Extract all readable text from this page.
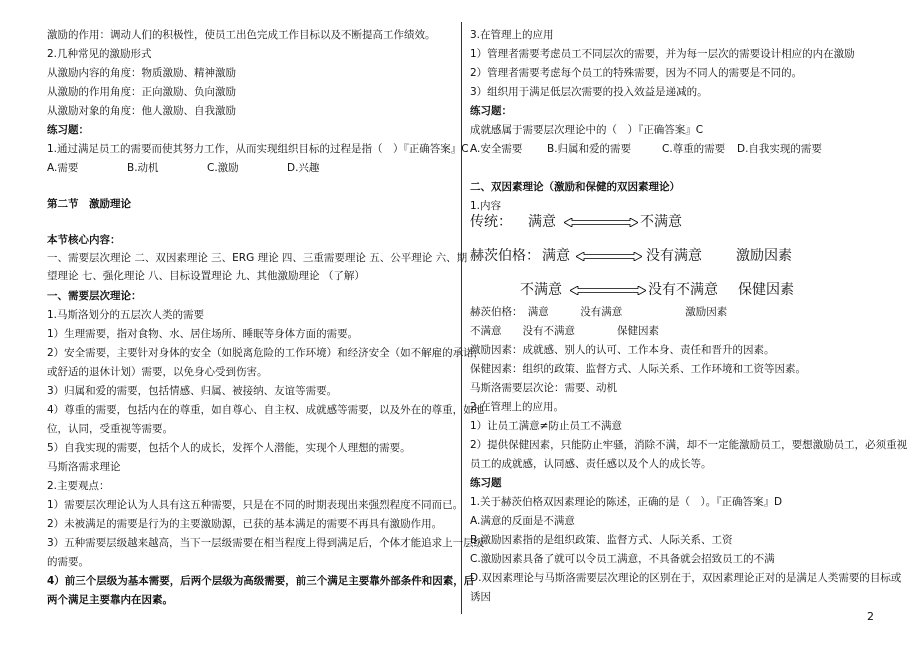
激励的作用：调动人们的积极性，使员工出色完成工作目标以及不断提高工作绩效。
2.几种常见的激励形式
从激励内容的角度：物质激励、精神激励
从激励的作用角度：正向激励、负向激励
从激励对象的角度：他人激励、自我激励
练习题：
1.通过满足员工的需要而使其努力工作，从而实现组织目标的过程是指（　）『正确答案』C
A.需要	B.动机	C.激励	D.兴趣
第二节　激励理论
本节核心内容：
一、需要层次理论 二、双因素理论 三、ERG 理论 四、三重需要理论 五、公平理论 六、期
望理论 七、强化理论 八、目标设置理论 九、其他激励理论 （了解）
一、需要层次理论：
1.马斯洛划分的五层次人类的需要
1）生理需要，指对食物、水、居住场所、睡眠等身体方面的需要。
2）安全需要，主要针对身体的安全（如脱离危险的工作环境）和经济安全（如不解雇的承诺，
或舒适的退休计划）需要，以免身心受到伤害。
3）归属和爱的需要，包括情感、归属、被接纳、友谊等需要。
4）尊重的需要，包括内在的尊重，如自尊心、自主权、成就感等需要，以及外在的尊重，如地
位，认同，受重视等需要。
5）自我实现的需要，包括个人的成长，发挥个人潜能，实现个人理想的需要。
马斯洛需求理论
2.主要观点：
1）需要层次理论认为人具有这五种需要，只是在不同的时期表现出来强烈程度不同而已。
2）未被满足的需要是行为的主要激励源，已获的基本满足的需要不再具有激励作用。
3）五种需要层级越来越高，当下一层级需要在相当程度上得到满足后，个体才能追求上一层级
的需要。
4）前三个层级为基本需要，后两个层级为高级需要，前三个满足主要靠外部条件和因素，后
两个满足主要靠内在因素。
3.在管理上的应用
1）管理者需要考虑员工不同层次的需要，并为每一层次的需要设计相应的内在激励
2）管理者需要考虑每个员工的特殊需要，因为不同人的需要是不同的。
3）组织用于满足低层次需要的投入效益是递减的。
练习题：
成就感属于需要层次理论中的（　）『正确答案』C
A.安全需要 B.归属和爱的需要	C.尊重的需要 D.自我实现的需要
二、双因素理论（激励和保健的双因素理论）
1.内容
传统： 满意	不满意
赫茨伯格： 满意	没有满意 激励因素
不满意	没有不满意 保健因素
赫茨伯格：　满意　　　没有满意　　　　　　激励因素
不满意　　没有不满意　　　　保健因素
激励因素：成就感、别人的认可、工作本身、责任和晋升的因素。
保健因素：组织的政策、监督方式、人际关系、工作环境和工资等因素。
马斯洛需要层次论：需要、动机
2.在管理上的应用。
1）让员工满意≠防止员工不满意
2）提供保健因素，只能防止牢骚，消除不满，却不一定能激励员工，要想激励员工，必须重视
员工的成就感，认同感、责任感以及个人的成长等。
练习题
1.关于赫茨伯格双因素理论的陈述，正确的是（　）。『正确答案』D
A.满意的反面是不满意
B.激励因素指的是组织政策、监督方式、人际关系、工资
C.激励因素具备了就可以令员工满意，不具备就会招致员工的不满
D.双因素理论与马斯洛需要层次理论的区别在于，双因素理论正对的是满足人类需要的目标或
诱因
2
